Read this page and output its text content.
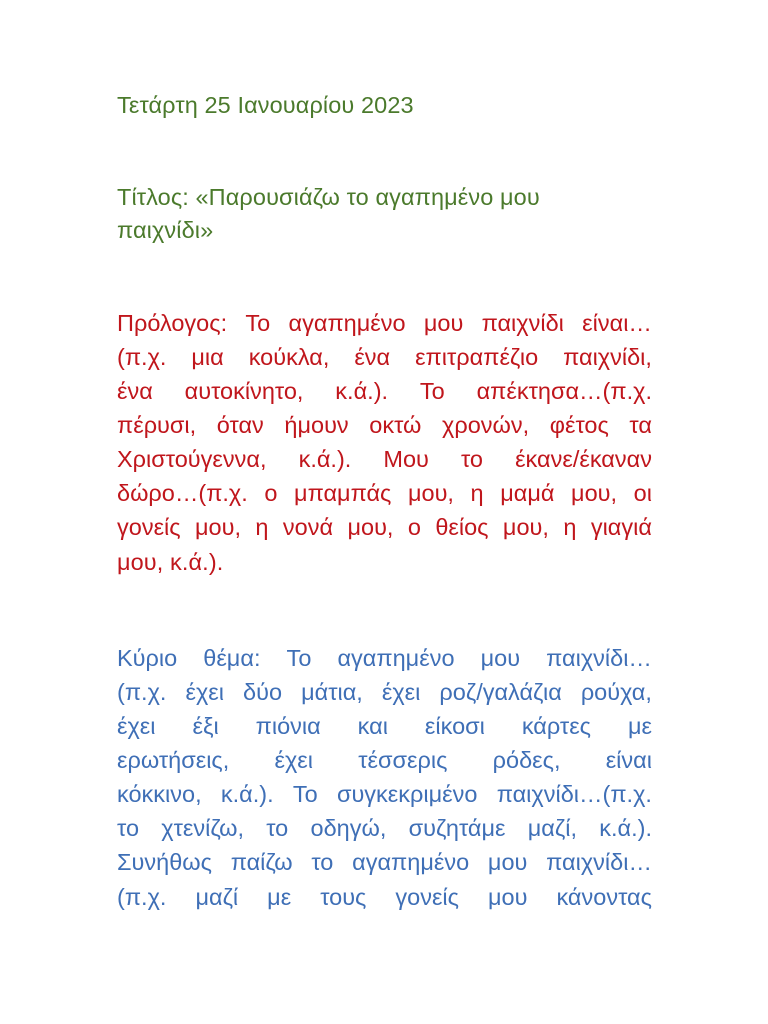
Τετάρτη 25 Ιανουαρίου 2023
Τίτλος: «Παρουσιάζω το αγαπημένο μου
παιχνίδι»
Πρόλογος: Το αγαπημένο μου παιχνίδι είναι…
(π.χ. μια κούκλα, ένα επιτραπέζιο παιχνίδι,
ένα αυτοκίνητο, κ.ά.). Το απέκτησα…(π.χ.
πέρυσι, όταν ήμουν οκτώ χρονών, φέτος τα
Χριστούγεννα, κ.ά.). Μου το έκανε/έκαναν
δώρο…(π.χ. ο μπαμπάς μου, η μαμά μου, οι
γονείς μου, η νονά μου, ο θείος μου, η γιαγιά
μου, κ.ά.).
Κύριο θέμα: Το αγαπημένο μου παιχνίδι…
(π.χ. έχει δύο μάτια, έχει ροζ/γαλάζια ρούχα,
έχει έξι πιόνια και είκοσι κάρτες με
ερωτήσεις, έχει τέσσερις ρόδες, είναι
κόκκινο, κ.ά.). Το συγκεκριμένο παιχνίδι…(π.χ.
το χτενίζω, το οδηγώ, συζητάμε μαζί, κ.ά.).
Συνήθως παίζω το αγαπημένο μου παιχνίδι…
(π.χ. μαζί με τους γονείς μου κάνοντας
